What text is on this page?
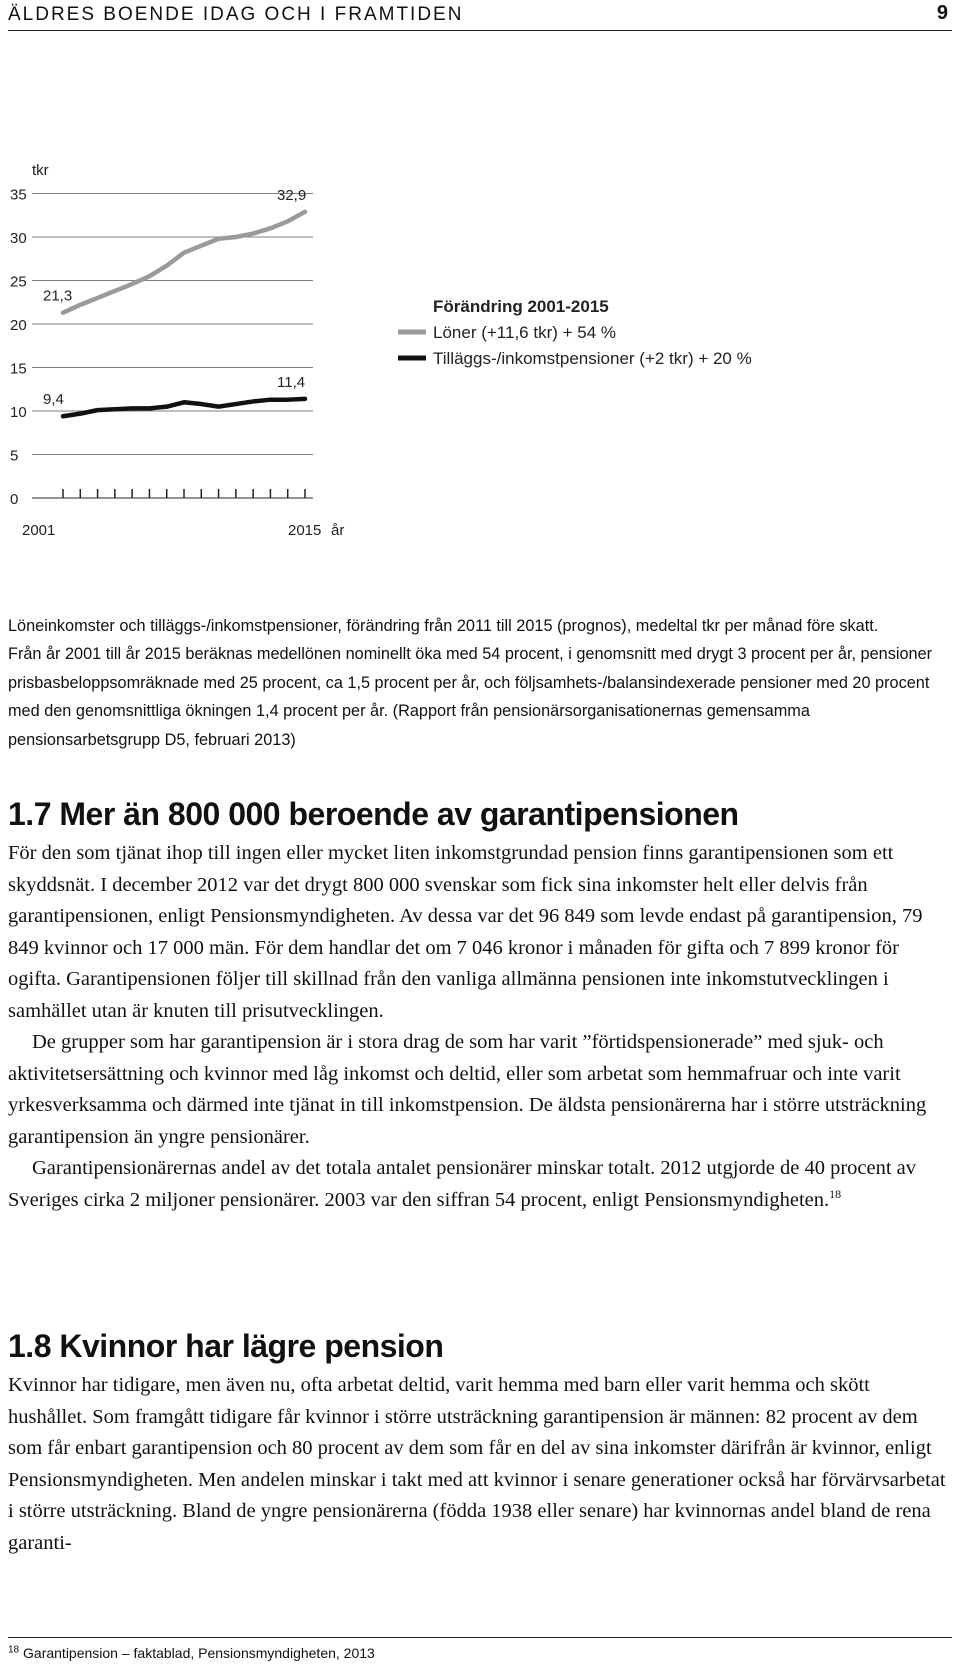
ÄLDRES BOENDE IDAG OCH I FRAMTIDEN	9
tkr
0
5
10
15
20
25
30
35
21,3
32,9
9,4
11,4
2001	2015 år
Förändring 2001-2015
Löner (+11,6 tkr) + 54 %
Tilläggs-/inkomstpensioner (+2 tkr) + 20 %

Löneinkomster och tilläggs-/inkomstpensioner, förändring från 2011 till 2015 (prognos), medeltal tkr per månad före skatt.

Från år 2001 till år 2015 beräknas medellönen nominellt öka med 54 procent, i genomsnitt med drygt 3 procent per år, pensioner prisbasbeloppsomräknade med 25 procent, ca 1,5 procent per år, och följsamhets-/balansindexerade pensioner med 20 procent med den genomsnittliga ökningen 1,4 procent per år. (Rapport från pensionärsorganisationernas gemensamma pensionsarbetsgrupp D5, februari 2013)

1.7 Mer än 800 000 beroende av garantipensionen

För den som tjänat ihop till ingen eller mycket liten inkomstgrundad pension finns garantipensionen som ett skyddsnät. I december 2012 var det drygt 800 000 svenskar som fick sina inkomster helt eller delvis från garantipensionen, enligt Pensionsmyndigheten. Av dessa var det 96 849 som levde endast på garantipension, 79 849 kvinnor och 17 000 män. För dem handlar det om 7 046 kronor i månaden för gifta och 7 899 kronor för ogifta. Garantipensionen följer till skillnad från den vanliga allmänna pensionen inte inkomstutvecklingen i samhället utan är knuten till prisutvecklingen.

De grupper som har garantipension är i stora drag de som har varit ”förtidspensionerade” med sjuk- och aktivitetsersättning och kvinnor med låg inkomst och deltid, eller som arbetat som hemmafruar och inte varit yrkesverksamma och därmed inte tjänat in till inkomstpension. De äldsta pensionärerna har i större utsträckning garantipension än yngre pensionärer.

Garantipensionärernas andel av det totala antalet pensionärer minskar totalt. 2012 utgjorde de 40 procent av Sveriges cirka 2 miljoner pensionärer. 2003 var den siffran 54 procent, enligt Pensionsmyndigheten.$^{18}$

1.8 Kvinnor har lägre pension

Kvinnor har tidigare, men även nu, ofta arbetat deltid, varit hemma med barn eller varit hemma och skött hushållet. Som framgått tidigare får kvinnor i större utsträckning garantipension är männen: 82 procent av dem som får enbart garantipension och 80 procent av dem som får en del av sina inkomster därifrån är kvinnor, enligt Pensionsmyndigheten. Men andelen minskar i takt med att kvinnor i senare generationer också har förvärvsarbetat i större utsträckning. Bland de yngre pensionärerna (födda 1938 eller senare) har kvinnornas andel bland de rena garanti-

$^{18}$ Garantipension – faktablad, Pensionsmyndigheten, 2013
